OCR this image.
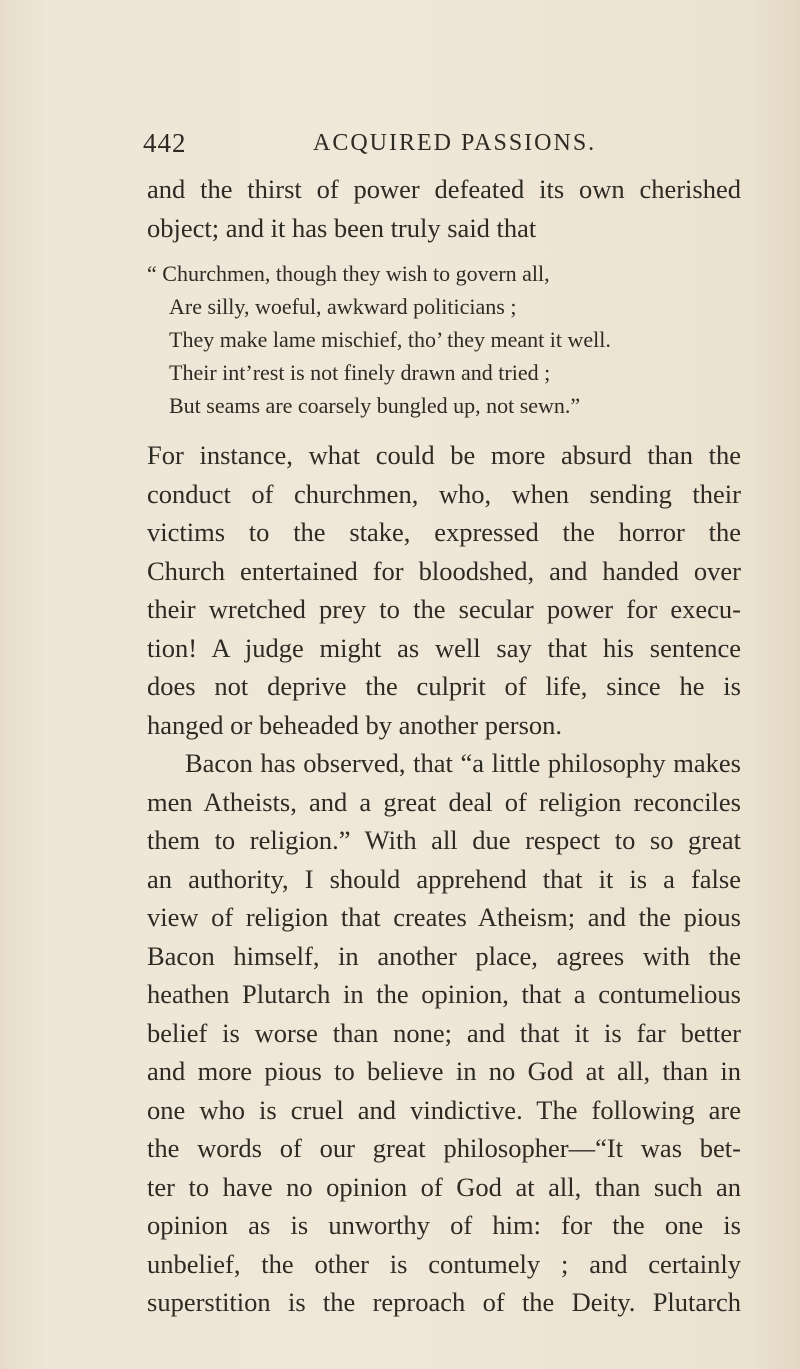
442	ACQUIRED PASSIONS.
and the thirst of power defeated its own cherished
object; and it has been truly said that
“ Churchmen, though they wish to govern all,
Are silly, woeful, awkward politicians ;
They make lame mischief, tho’ they meant it well.
Their int’rest is not finely drawn and tried ;
But seams are coarsely bungled up, not sewn.”
For instance, what could be more absurd than the
conduct of churchmen, who, when sending their
victims to the stake, expressed the horror the
Church entertained for bloodshed, and handed over
their wretched prey to the secular power for execu-
tion! A judge might as well say that his sentence
does not deprive the culprit of life, since he is
hanged or beheaded by another person.
Bacon has observed, that “a little philosophy makes
men Atheists, and a great deal of religion reconciles
them to religion.” With all due respect to so great
an authority, I should apprehend that it is a false
view of religion that creates Atheism; and the pious
Bacon himself, in another place, agrees with the
heathen Plutarch in the opinion, that a contumelious
belief is worse than none; and that it is far better
and more pious to believe in no God at all, than in
one who is cruel and vindictive. The following are
the words of our great philosopher—“It was bet-
ter to have no opinion of God at all, than such an
opinion as is unworthy of him: for the one is
unbelief, the other is contumely ; and certainly
superstition is the reproach of the Deity. Plutarch
